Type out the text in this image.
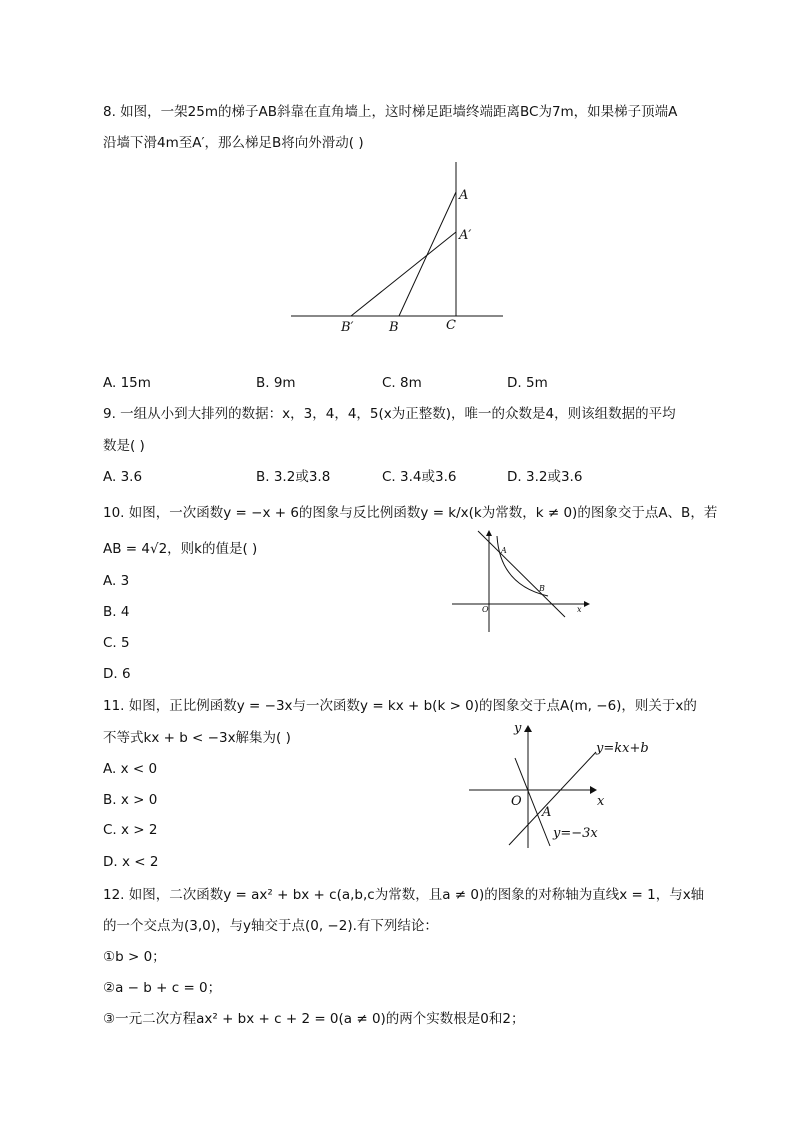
8. 如图，一架25m的梯子AB斜靠在直角墙上，这时梯足距墙终端距离BC为7m，如果梯子顶端A
沿墙下滑4m至A′，那么梯足B将向外滑动( )
A
A′
B′	B	C
A. 15m	B. 9m	C. 8m	D. 5m
9. 一组从小到大排列的数据：x，3，4，4，5(x为正整数)，唯一的众数是4，则该组数据的平均
数是( )
A. 3.6	B. 3.2或3.8	C. 3.4或3.6	D. 3.2或3.6
10. 如图，一次函数y = −x + 6的图象与反比例函数y = k/x(k为常数，k ≠ 0)的图象交于点A、B，若
AB = 4√2，则k的值是( )	A
B
O	x
A. 3
B. 4
C. 5
D. 6
11. 如图，正比例函数y = −3x与一次函数y = kx + b(k > 0)的图象交于点A(m, −6)，则关于x的
不等式kx + b < −3x解集为( )
y
x
O
A
y=kx+b
y=−3x
A. x < 0
B. x > 0
C. x > 2
D. x < 2
12. 如图，二次函数y = ax² + bx + c(a,b,c为常数，且a ≠ 0)的图象的对称轴为直线x = 1，与x轴
的一个交点为(3,0)，与y轴交于点(0, −2).有下列结论：
①b > 0；
②a − b + c = 0；
③一元二次方程ax² + bx + c + 2 = 0(a ≠ 0)的两个实数根是0和2；
